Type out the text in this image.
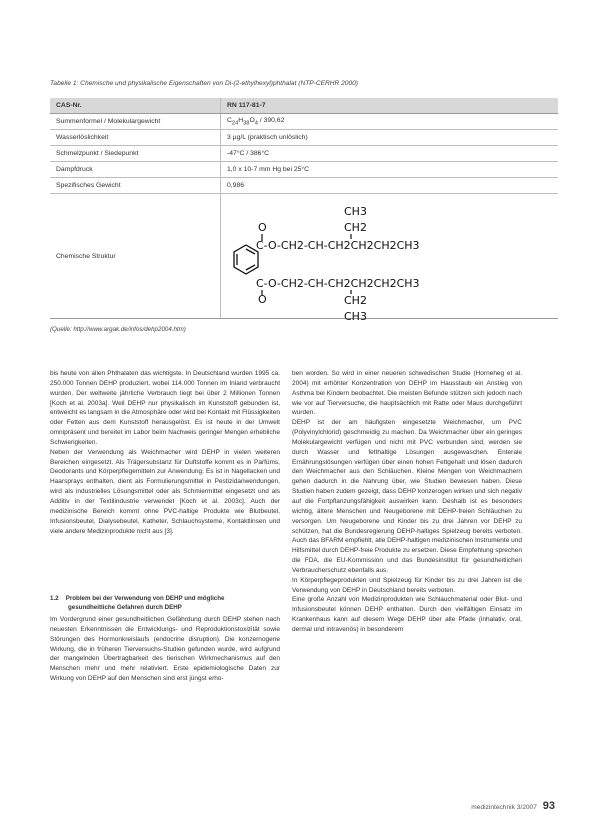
Tabelle 1: Chemische und physikalische Eigenschaften von Di-(2-ethylhexyl)phthalat (NTP-CERHR 2000)
CAS-Nr.	RN 117-81-7
Summenformel / Molekulargewicht	$C_{24}H_{38}O_4 / 390,62$
Wasserlöslichkeit	3 µg/L (praktisch unlöslich)
Schmelzpunkt / Siedepunkt	-47°C / 386°C
Dampfdruck	1,0 x 10-7 mm Hg bei 25°C
Spezifisches Gewicht	0,986
Chemische Struktur	
CH3
CH2
O
C-O-CH2-CH-CH2CH2CH2CH3
C-O-CH2-CH-CH2CH2CH2CH3
O	CH2
CH3
(Quelle: http://www.argak.de/infos/dehp2004.htm)

bis heute von allen Phthalaten das wichtigste. In Deutschland wurden 1995 ca. 250.000 Tonnen DEHP produziert, wobei 114.000 Tonnen im Inland verbraucht wurden. Der weltweite jährliche Verbrauch liegt bei über 2 Millionen Tonnen [Koch et al. 2003a]. Weil DEHP nur physikalisch im Kunststoff gebunden ist, entweicht es langsam in die Atmosphäre oder wird bei Kontakt mit Flüssigkeiten oder Fetten aus dem Kunststoff herausgelöst. Es ist heute in der Umwelt omnipräsent und bereitet im Labor beim Nachweis geringer Mengen erhebliche Schwierigkeiten.

Neben der Verwendung als Weichmacher wird DEHP in vielen weiteren Bereichen eingesetzt. Als Trägersubstanz für Duftstoffe kommt es in Parfüms, Deodorants und Körperpflegemitteln zur Anwendung. Es ist in Nagellacken und Haarsprays enthalten, dient als Formulierungsmittel in Pestizidanwendungen, wird als industrielles Lösungsmittel oder als Schmiermittel eingesetzt und als Additiv in der Textilindustrie verwendet [Koch et al. 2003c]. Auch der medizinische Bereich kommt ohne PVC-haltige Produkte wie Blutbeutel, Infusionsbeutel, Dialysebeutel, Katheter, Schlauchsysteme, Kontaktlinsen und viele andere Medizinprodukte nicht aus [3].

1.2 Problem bei der Verwendung von DEHP und mögliche
gesundheitliche Gefahren durch DEHP

Im Vordergrund einer gesundheitlichen Gefährdung durch DEHP stehen nach neuesten Erkenntnissen die Entwicklungs- und Reproduktionstoxizität sowie Störungen des Hormonkreislaufs (endocrine disruption). Die konzernogene Wirkung, die in früheren Tierversuchs-Studien gefunden wurde, wird aufgrund der mangelnden Übertragbarkeit des tierischen Wirkmechanismus auf den Menschen mehr und mehr relativiert. Erste epidemiologische Daten zur Wirkung von DEHP auf den Menschen sind erst jüngst erho-

ben worden. So wird in einer neueren schwedischen Studie (Horneheg et al. 2004) mit erhöhter Konzentration von DEHP im Hausstaub ein Anstieg von Asthma bei Kindern beobachtet. Die meisten Befunde stützen sich jedoch nach wie vor auf Tierversuche, die hauptsächlich mit Ratte oder Maus durchgeführt wurden.

DEHP ist der am häufigsten eingesetzte Weichmacher, um PVC (Polyvinylchlorid) geschmeidig zu machen. Da Weichmacher über ein geringes Molekulargewicht verfügen und nicht mit PVC verbunden sind, werden sie durch Wasser und fetthaltige Lösungen ausgewaschen. Enterale Ernährungslösungen verfügen über einen hohen Fettgehalt und lösen dadurch den Weichmacher aus den Schläuchen. Kleine Mengen von Weichmachern gehen dadurch in die Nahrung über, wie Studien bewiesen haben. Diese Studien haben zudem gezeigt, dass DEHP konzerogen wirken und sich negativ auf die Fortpflanzungsfähigkeit auswirken kann. Deshalb ist es besonders wichtig, ältere Menschen und Neugeborene mit DEHP-freien Schläuchen zu versorgen. Um Neugeborene und Kinder bis zu drei Jahren vor DEHP zu schützen, hat die Bundesregierung DEHP-haltiges Spielzeug bereits verboten. Auch das BFARM empfiehlt, alle DEHP-haltigen medizinischen Instrumente und Hilfsmittel durch DEHP-freie Produkte zu ersetzen. Diese Empfehlung sprechen die FDA, die EU-Kommission und das Bundesinstitut für gesundheitlichen Verbraucherschutz ebenfalls aus.

In Körperpflegeprodukten und Spielzeug für Kinder bis zu drei Jahren ist die Verwendung von DEHP in Deutschland bereits verboten.

Eine große Anzahl von Medizinprodukten wie Schlauchmaterial oder Blut- und Infusionsbeutel können DEHP enthalten. Durch den vielfältigen Einsatz im Krankenhaus kann auf diesem Wege DEHP über alle Pfade (inhalativ, oral, dermal und intravenös) in besonderem

medizintechnik 3/2007 93
